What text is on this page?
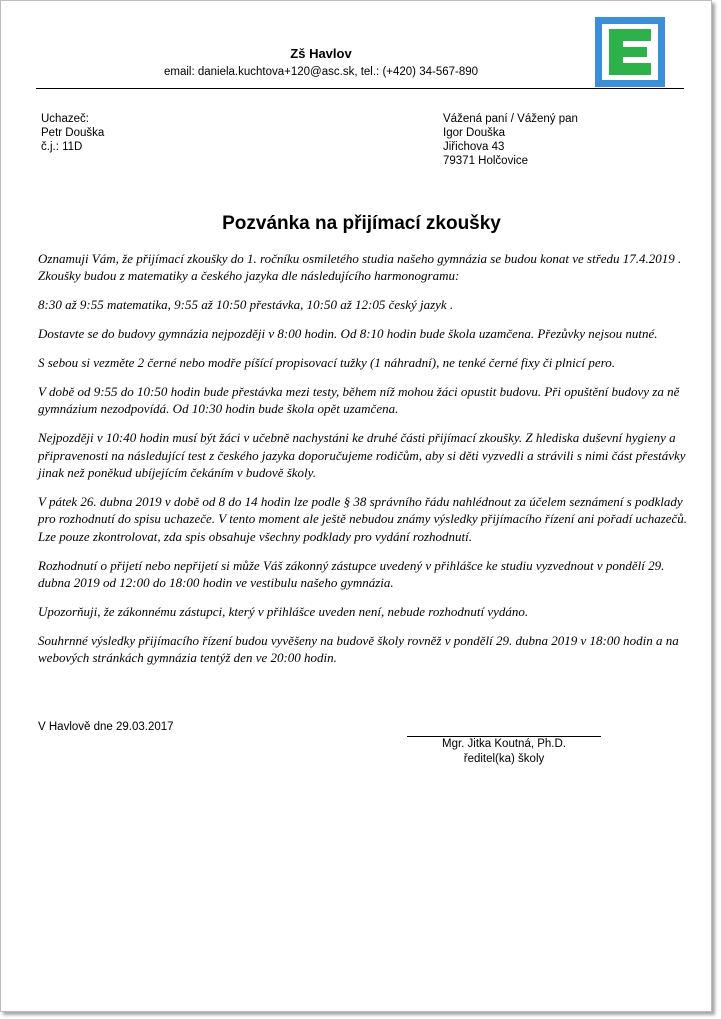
Zš Havlov
email: daniela.kuchtova+120@asc.sk, tel.: (+420) 34-567-890
Uchazeč:
Petr Douška
č.j.: 11D
Vážená paní / Vážený pan
Igor Douška
Jiřichova 43
79371 Holčovice
Pozvánka na přijímací zkoušky

Oznamuji Vám, že přijímací zkoušky do 1. ročníku osmiletého studia našeho gymnázia se budou konat ve středu 17.4.2019 . Zkoušky budou z matematiky a českého jazyka dle následujícího harmonogramu:

8:30 až 9:55 matematika, 9:55 až 10:50 přestávka, 10:50 až 12:05 český jazyk .

Dostavte se do budovy gymnázia nejpozději v 8:00 hodin. Od 8:10 hodin bude škola uzamčena. Přezůvky nejsou nutné.

S sebou si vezměte 2 černé nebo modře píšící propisovací tužky (1 náhradní), ne tenké černé fixy či plnicí pero.

V době od 9:55 do 10:50 hodin bude přestávka mezi testy, během níž mohou žáci opustit budovu. Při opuštění budovy za ně gymnázium nezodpovídá. Od 10:30 hodin bude škola opět uzamčena.

Nejpozději v 10:40 hodin musí být žáci v učebně nachystáni ke druhé části přijímací zkoušky. Z hlediska duševní hygieny a připravenosti na následující test z českého jazyka doporučujeme rodičům, aby si děti vyzvedli a strávili s nimi část přestávky jinak než poněkud ubíjejícím čekáním v budově školy.

V pátek 26. dubna 2019 v době od 8 do 14 hodin lze podle § 38 správního řádu nahlédnout za účelem seznámení s podklady pro rozhodnutí do spisu uchazeče. V tento moment ale ještě nebudou známy výsledky přijímacího řízení ani pořadí uchazečů. Lze pouze zkontrolovat, zda spis obsahuje všechny podklady pro vydání rozhodnutí.

Rozhodnutí o přijetí nebo nepřijetí si může Váš zákonný zástupce uvedený v přihlášce ke studiu vyzvednout v pondělí 29. dubna 2019 od 12:00 do 18:00 hodin ve vestibulu našeho gymnázia.

Upozorňuji, že zákonnému zástupci, který v přihlášce uveden není, nebude rozhodnutí vydáno.

Souhrnné výsledky přijímacího řízení budou vyvěšeny na budově školy rovněž v pondělí 29. dubna 2019 v 18:00 hodin a na webových stránkách gymnázia tentýž den ve 20:00 hodin.

V Havlově dne 29.03.2017
Mgr. Jitka Koutná, Ph.D.
ředitel(ka) školy
